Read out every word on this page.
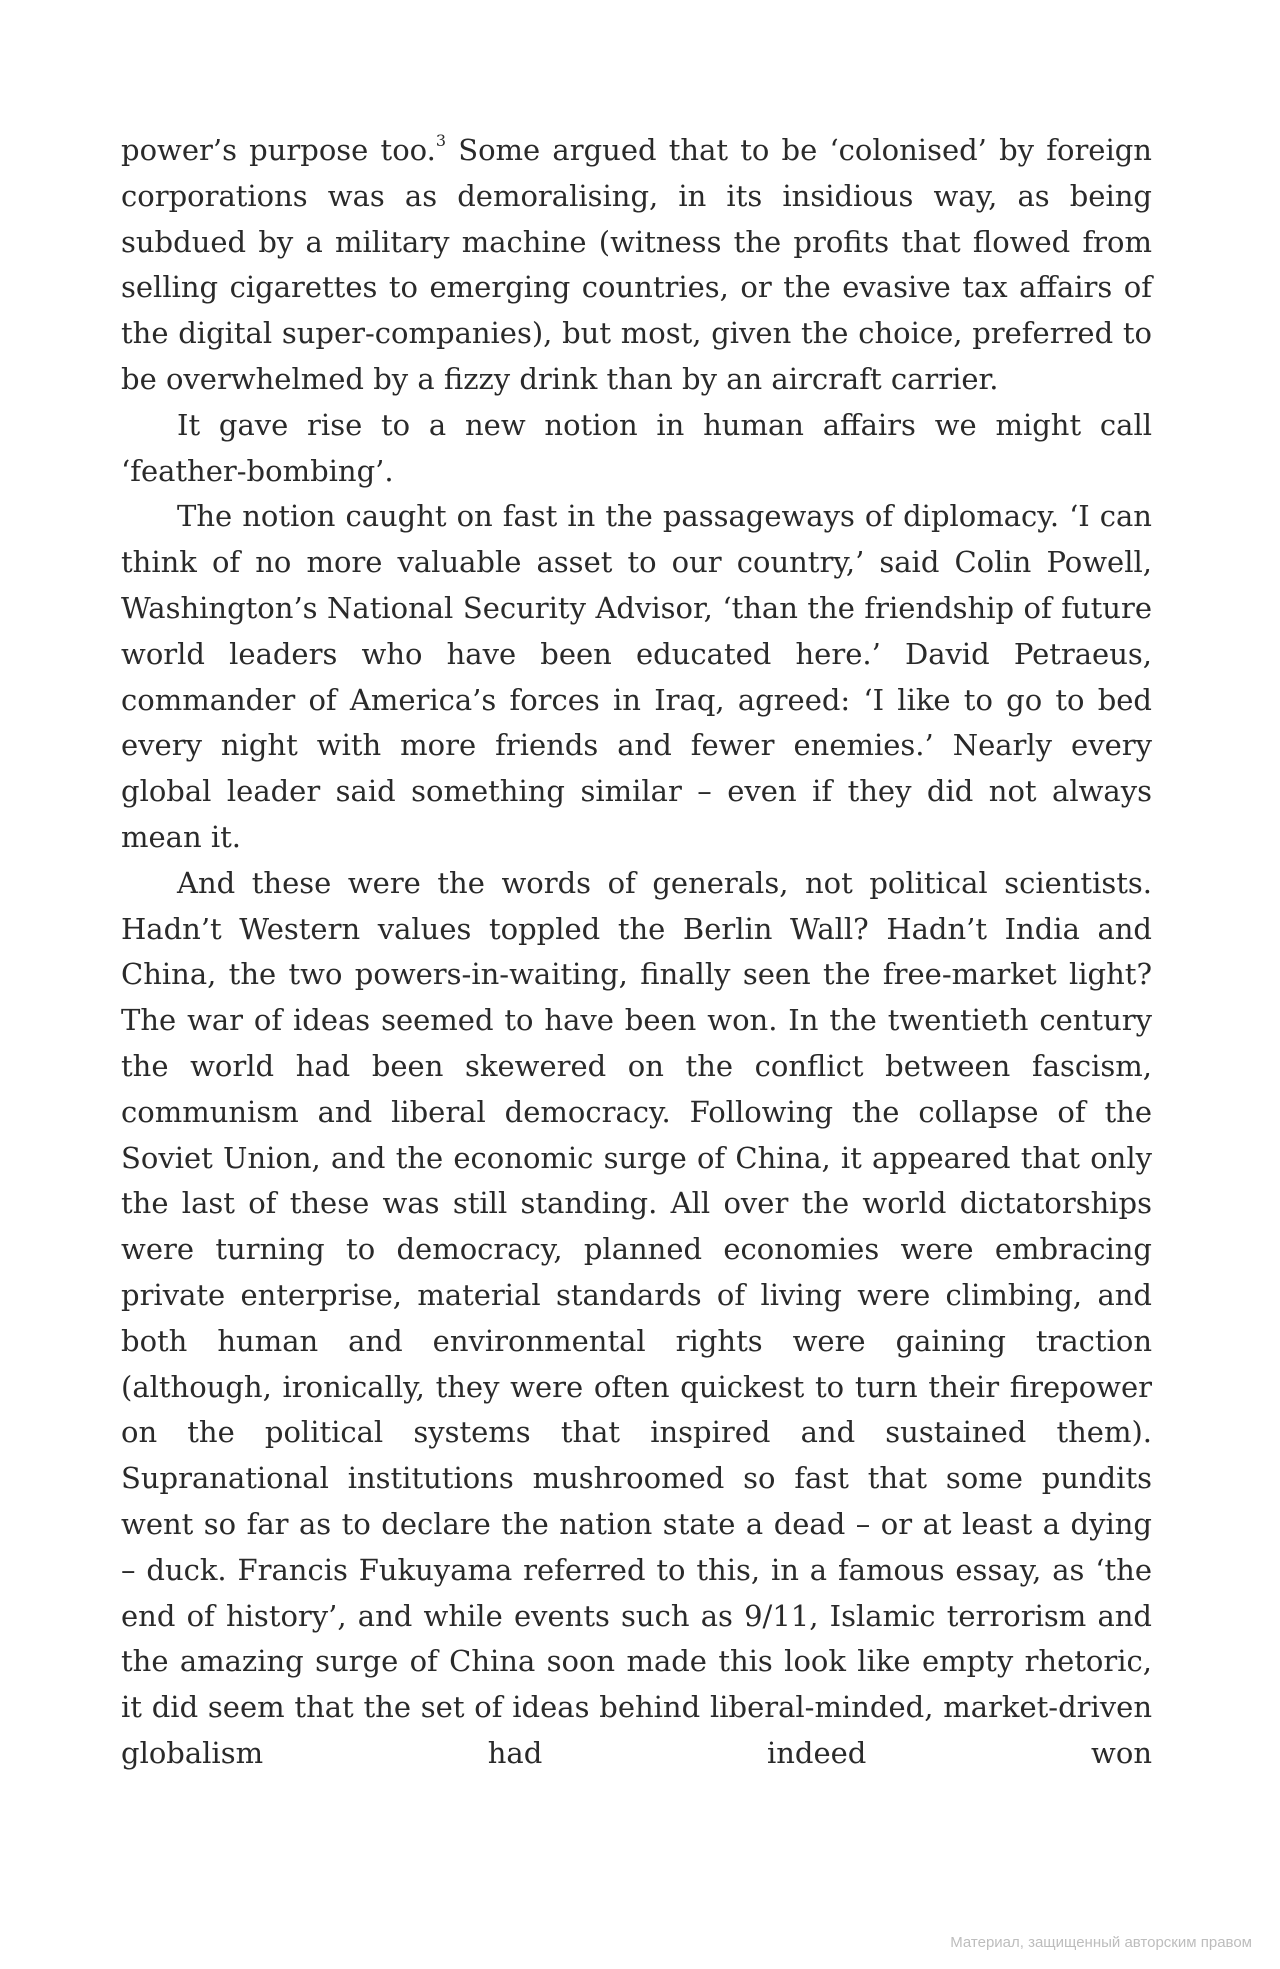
power’s purpose too.$^3$ Some argued that to be ‘colonised’ by foreign corporations was as demoralising, in its insidious way, as being subdued by a military machine (witness the profits that flowed from selling cigarettes to emerging countries, or the evasive tax affairs of the digital super-companies), but most, given the choice, preferred to be overwhelmed by a fizzy drink than by an aircraft carrier.

It gave rise to a new notion in human affairs we might call ‘feather-bombing’.

The notion caught on fast in the passageways of diplomacy. ‘I can think of no more valuable asset to our country,’ said Colin Powell, Washington’s National Security Advisor, ‘than the friendship of future world leaders who have been educated here.’ David Petraeus, commander of America’s forces in Iraq, agreed: ‘I like to go to bed every night with more friends and fewer enemies.’ Nearly every global leader said something similar – even if they did not always mean it.

And these were the words of generals, not political scientists. Hadn’t Western values toppled the Berlin Wall? Hadn’t India and China, the two powers-in-waiting, finally seen the free-market light? The war of ideas seemed to have been won. In the twentieth century the world had been skewered on the conflict between fascism, communism and liberal democracy. Following the collapse of the Soviet Union, and the economic surge of China, it appeared that only the last of these was still standing. All over the world dictatorships were turning to democracy, planned economies were embracing private enterprise, material standards of living were climbing, and both human and environmental rights were gaining traction (although, ironically, they were often quickest to turn their firepower on the political systems that inspired and sustained them). Supranational institutions mushroomed so fast that some pundits went so far as to declare the nation state a dead – or at least a dying – duck. Francis Fukuyama referred to this, in a famous essay, as ‘the end of history’, and while events such as 9/11, Islamic terrorism and the amazing surge of China soon made this look like empty rhetoric, it did seem that the set of ideas behind liberal-minded, market-driven globalism had indeed won

Материал, защищенный авторским правом
